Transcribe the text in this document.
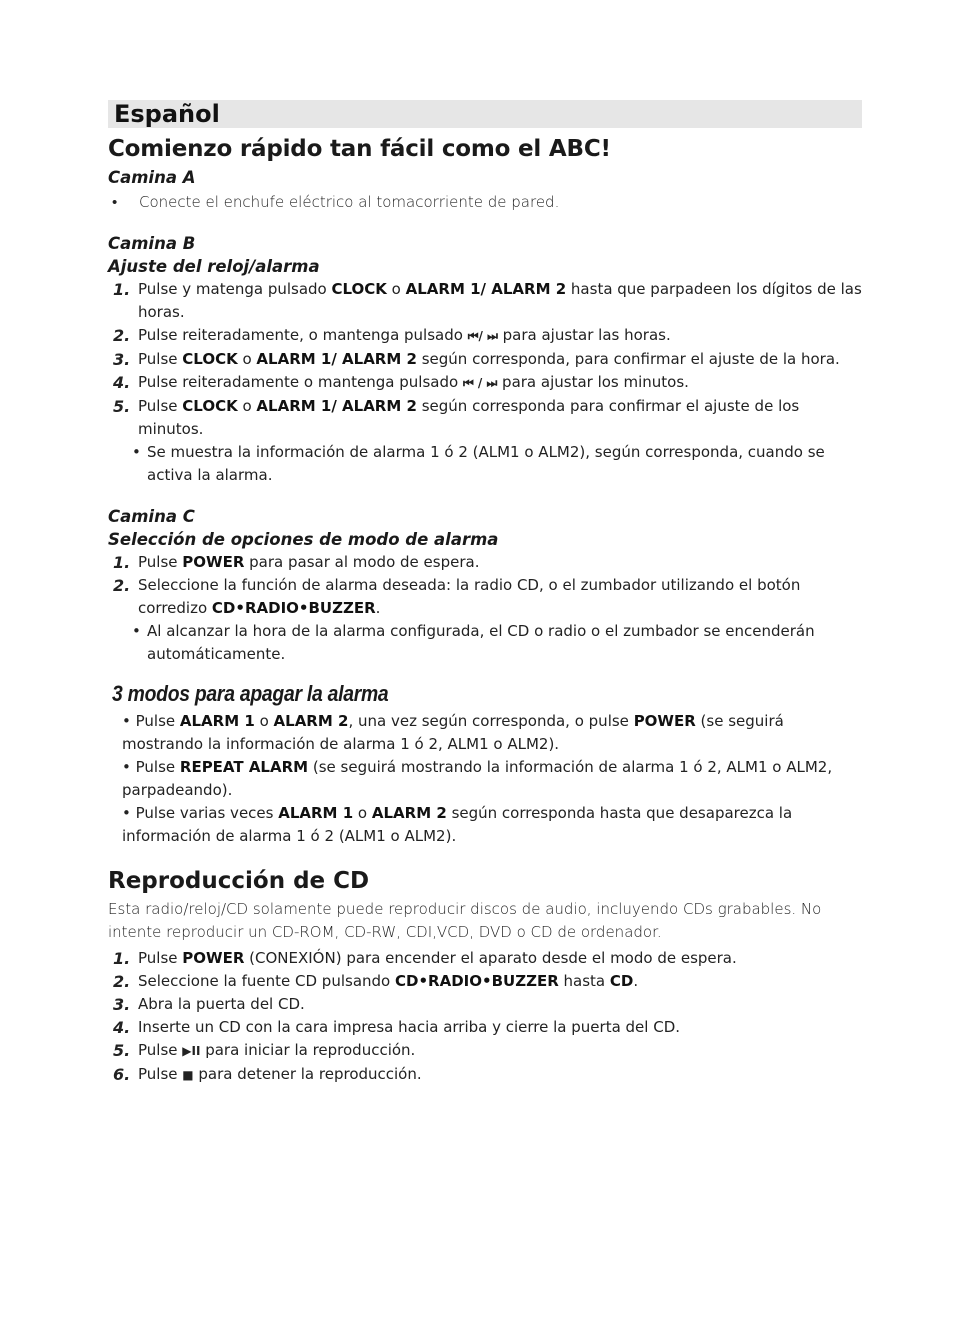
Español
Comienzo rápido tan fácil como el ABC!
Camina A
•	Conecte el enchufe eléctrico al tomacorriente de pared.
Camina B
Ajuste del reloj/alarma
1. Pulse y matenga pulsado CLOCK o ALARM 1/ ALARM 2 hasta que parpadeen los dígitos de las horas.
2. Pulse reiteradamente, o mantenga pulsado ⏮/ ⏭ para ajustar las horas.
3. Pulse CLOCK o ALARM 1/ ALARM 2 según corresponda, para confirmar el ajuste de la hora.
4. Pulse reiteradamente o mantenga pulsado ⏮ / ⏭ para ajustar los minutos.
5. Pulse CLOCK o ALARM 1/ ALARM 2 según corresponda para confirmar el ajuste de los minutos.
• Se muestra la información de alarma 1 ó 2 (ALM1 o ALM2), según corresponda, cuando se activa la alarma.
Camina C
Selección de opciones de modo de alarma
1. Pulse POWER para pasar al modo de espera.
2. Seleccione la función de alarma deseada: la radio CD, o el zumbador utilizando el botón corredizo CD•RADIO•BUZZER.
• Al alcanzar la hora de la alarma configurada, el CD o radio o el zumbador se encenderán automáticamente.
3 modos para apagar la alarma
• Pulse ALARM 1 o ALARM 2, una vez según corresponda, o pulse POWER (se seguirá mostrando la información de alarma 1 ó 2, ALM1 o ALM2).
• Pulse REPEAT ALARM (se seguirá mostrando la información de alarma 1 ó 2, ALM1 o ALM2, parpadeando).
• Pulse varias veces ALARM 1 o ALARM 2 según corresponda hasta que desaparezca la información de alarma 1 ó 2 (ALM1 o ALM2).
Reproducción de CD
Esta radio/reloj/CD solamente puede reproducir discos de audio, incluyendo CDs grabables. No intente reproducir un CD-ROM, CD-RW, CDI,VCD, DVD o CD de ordenador.
1. Pulse POWER (CONEXIÓN) para encender el aparato desde el modo de espera.
2. Seleccione la fuente CD pulsando CD•RADIO•BUZZER hasta CD.
3. Abra la puerta del CD.
4. Inserte un CD con la cara impresa hacia arriba y cierre la puerta del CD.
5. Pulse ▶II para iniciar la reproducción.
6. Pulse ■ para detener la reproducción.
